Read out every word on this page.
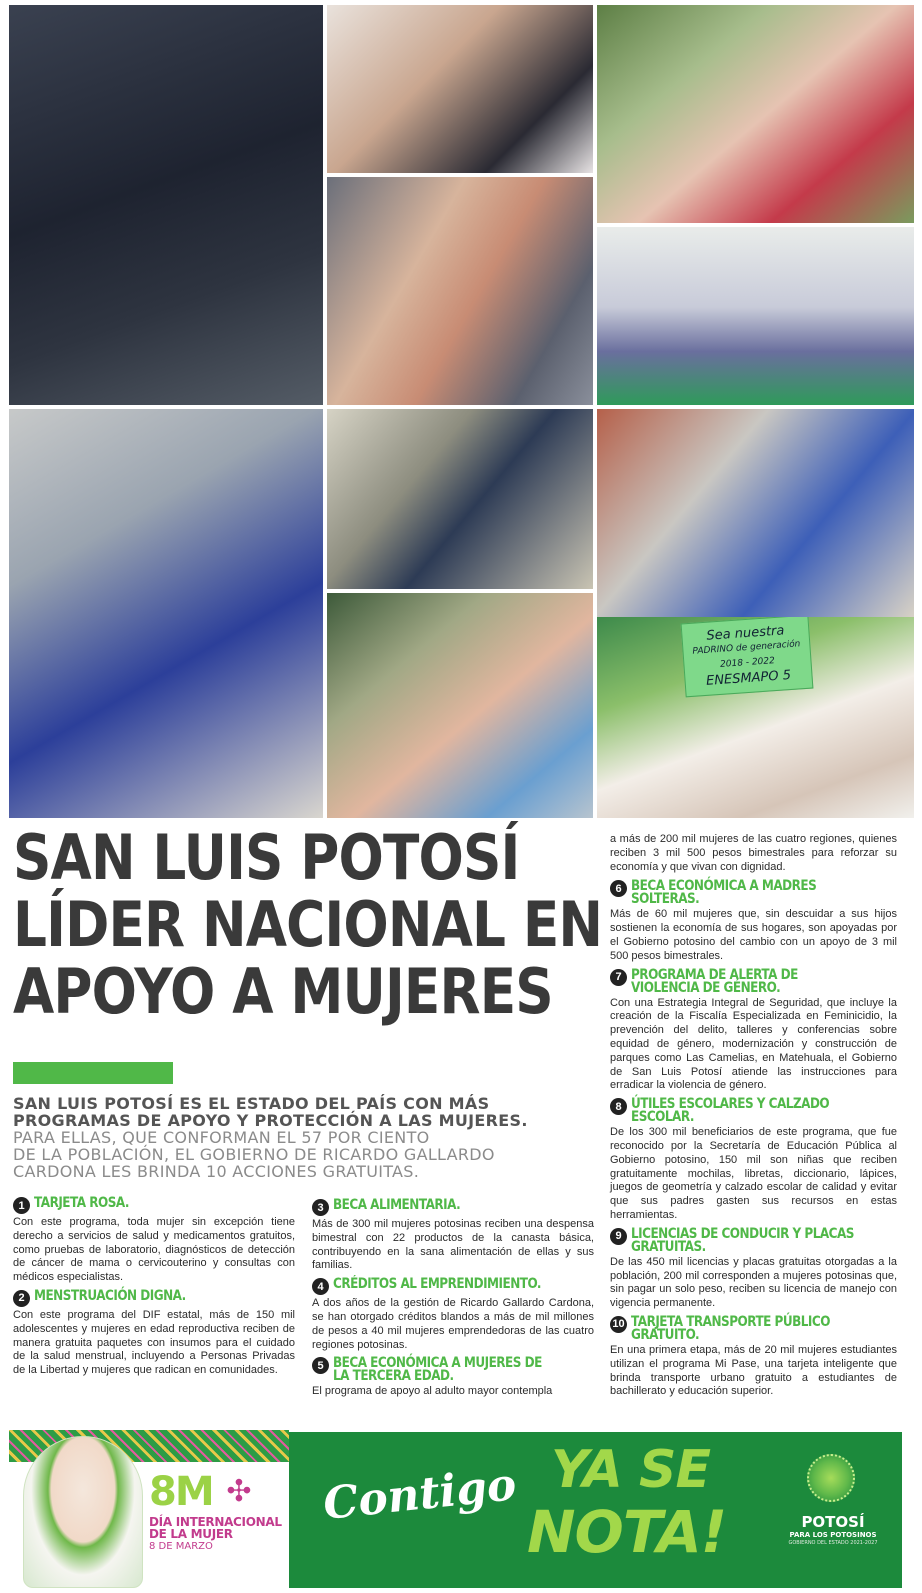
Sea nuestra
PADRINO de generación
2018 - 2022
ENESMAPO 5
SAN LUIS POTOSÍ
LÍDER NACIONAL EN
APOYO A MUJERES
SAN LUIS POTOSÍ ES EL ESTADO DEL PAÍS CON MÁS
PROGRAMAS DE APOYO Y PROTECCIÓN A LAS MUJERES.
PARA ELLAS, QUE CONFORMAN EL 57 POR CIENTO
DE LA POBLACIÓN, EL GOBIERNO DE RICARDO GALLARDO
CARDONA LES BRINDA 10 ACCIONES GRATUITAS.
1 TARJETA ROSA.

Con este programa, toda mujer sin excepción tiene derecho a servicios de salud y medicamentos gratuitos, como pruebas de laboratorio, diagnósticos de detección de cáncer de mama o cervicouterino y consultas con médicos especialistas.

2 MENSTRUACIÓN DIGNA.

Con este programa del DIF estatal, más de 150 mil adolescentes y mujeres en edad reproductiva reciben de manera gratuita paquetes con insumos para el cuidado de la salud menstrual, incluyendo a Personas Privadas de la Libertad y mujeres que radican en comunidades.

3 BECA ALIMENTARIA.

Más de 300 mil mujeres potosinas reciben una despensa bimestral con 22 productos de la canasta básica, contribuyendo en la sana alimentación de ellas y sus familias.

4 CRÉDITOS AL EMPRENDIMIENTO.

A dos años de la gestión de Ricardo Gallardo Cardona, se han otorgado créditos blandos a más de mil millones de pesos a 40 mil mujeres emprendedoras de las cuatro regiones potosinas.

5 BECA ECONÓMICA A MUJERES DE LA TERCERA EDAD.

El programa de apoyo al adulto mayor contempla

a más de 200 mil mujeres de las cuatro regiones, quienes reciben 3 mil 500 pesos bimestrales para reforzar su economía y que vivan con dignidad.

6 BECA ECONÓMICA A MADRES SOLTERAS.

Más de 60 mil mujeres que, sin descuidar a sus hijos sostienen la economía de sus hogares, son apoyadas por el Gobierno potosino del cambio con un apoyo de 3 mil 500 pesos bimestrales.

7 PROGRAMA DE ALERTA DE VIOLENCIA DE GÉNERO.

Con una Estrategia Integral de Seguridad, que incluye la creación de la Fiscalía Especializada en Feminicidio, la prevención del delito, talleres y conferencias sobre equidad de género, modernización y construcción de parques como Las Camelias, en Matehuala, el Gobierno de San Luis Potosí atiende las instrucciones para erradicar la violencia de género.

8 ÚTILES ESCOLARES Y CALZADO ESCOLAR.

De los 300 mil beneficiarios de este programa, que fue reconocido por la Secretaría de Educación Pública al Gobierno potosino, 150 mil son niñas que reciben gratuitamente mochilas, libretas, diccionario, lápices, juegos de geometría y calzado escolar de calidad y evitar que sus padres gasten sus recursos en estas herramientas.

9 LICENCIAS DE CONDUCIR Y PLACAS GRATUITAS.

De las 450 mil licencias y placas gratuitas otorgadas a la población, 200 mil corresponden a mujeres potosinas que, sin pagar un solo peso, reciben su licencia de manejo con vigencia permanente.

10 TARJETA TRANSPORTE PÚBLICO GRATUITO.

En una primera etapa, más de 20 mil mujeres estudiantes utilizan el programa Mi Pase, una tarjeta inteligente que brinda transporte urbano gratuito a estudiantes de bachillerato y educación superior.

8M ✣
DÍA INTERNACIONAL
DE LA MUJER
8 DE MARZO
Contigo YA SE
NOTA!	POTOSÍ
PARA LOS POTOSINOS
GOBIERNO DEL ESTADO 2021-2027
